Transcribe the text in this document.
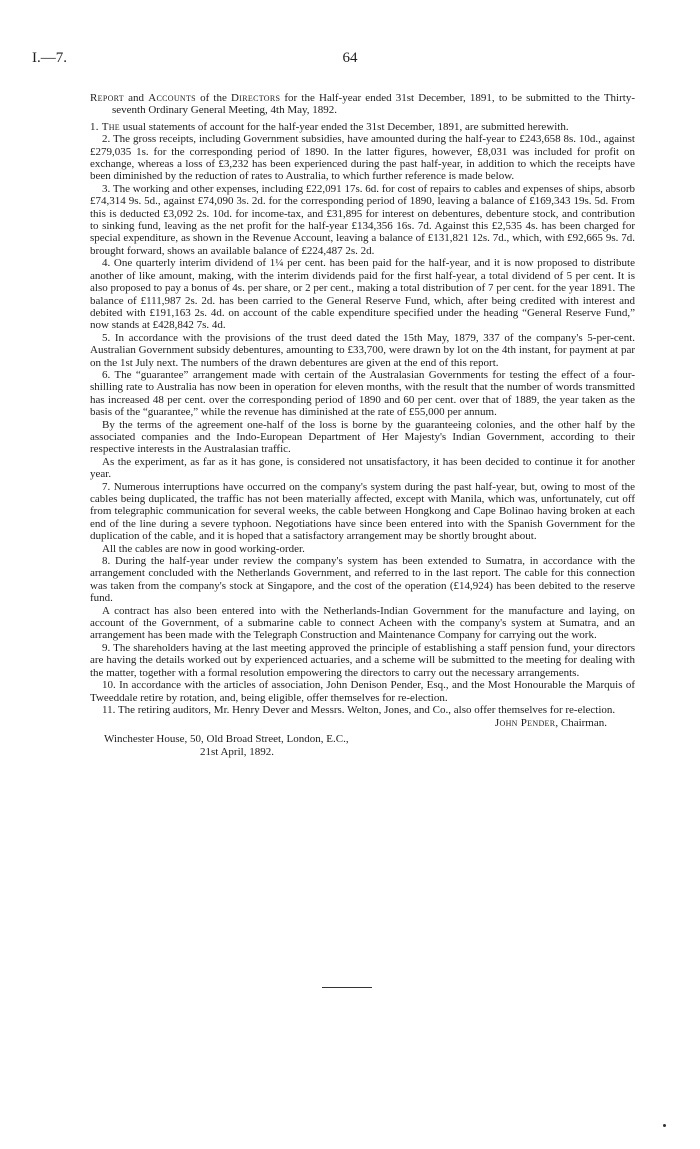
I.—7.	64
Report and Accounts of the Directors for the Half-year ended 31st December, 1891, to be submitted to the Thirty-seventh Ordinary General Meeting, 4th May, 1892.

1. The usual statements of account for the half-year ended the 31st December, 1891, are submitted herewith.

2. The gross receipts, including Government subsidies, have amounted during the half-year to £243,658 8s. 10d., against £279,035 1s. for the corresponding period of 1890. In the latter figures, however, £8,031 was included for profit on exchange, whereas a loss of £3,232 has been experienced during the past half-year, in addition to which the receipts have been diminished by the reduction of rates to Australia, to which further reference is made below.

3. The working and other expenses, including £22,091 17s. 6d. for cost of repairs to cables and expenses of ships, absorb £74,314 9s. 5d., against £74,090 3s. 2d. for the corresponding period of 1890, leaving a balance of £169,343 19s. 5d. From this is deducted £3,092 2s. 10d. for income-tax, and £31,895 for interest on debentures, debenture stock, and contribution to sinking fund, leaving as the net profit for the half-year £134,356 16s. 7d. Against this £2,535 4s. has been charged for special expenditure, as shown in the Revenue Account, leaving a balance of £131,821 12s. 7d., which, with £92,665 9s. 7d. brought forward, shows an available balance of £224,487 2s. 2d.

4. One quarterly interim dividend of 1¼ per cent. has been paid for the half-year, and it is now proposed to distribute another of like amount, making, with the interim dividends paid for the first half-year, a total dividend of 5 per cent. It is also proposed to pay a bonus of 4s. per share, or 2 per cent., making a total distribution of 7 per cent. for the year 1891. The balance of £111,987 2s. 2d. has been carried to the General Reserve Fund, which, after being credited with interest and debited with £191,163 2s. 4d. on account of the cable expenditure specified under the heading “General Reserve Fund,” now stands at £428,842 7s. 4d.

5. In accordance with the provisions of the trust deed dated the 15th May, 1879, 337 of the company's 5-per-cent. Australian Government subsidy debentures, amounting to £33,700, were drawn by lot on the 4th instant, for payment at par on the 1st July next. The numbers of the drawn debentures are given at the end of this report.

6. The “guarantee” arrangement made with certain of the Australasian Governments for testing the effect of a four-shilling rate to Australia has now been in operation for eleven months, with the result that the number of words transmitted has increased 48 per cent. over the corresponding period of 1890 and 60 per cent. over that of 1889, the year taken as the basis of the “guarantee,” while the revenue has diminished at the rate of £55,000 per annum.

By the terms of the agreement one-half of the loss is borne by the guaranteeing colonies, and the other half by the associated companies and the Indo-European Department of Her Majesty's Indian Government, according to their respective interests in the Australasian traffic.

As the experiment, as far as it has gone, is considered not unsatisfactory, it has been decided to continue it for another year.

7. Numerous interruptions have occurred on the company's system during the past half-year, but, owing to most of the cables being duplicated, the traffic has not been materially affected, except with Manila, which was, unfortunately, cut off from telegraphic communication for several weeks, the cable between Hongkong and Cape Bolinao having broken at each end of the line during a severe typhoon. Negotiations have since been entered into with the Spanish Government for the duplication of the cable, and it is hoped that a satisfactory arrangement may be shortly brought about.

All the cables are now in good working-order.

8. During the half-year under review the company's system has been extended to Sumatra, in accordance with the arrangement concluded with the Netherlands Government, and referred to in the last report. The cable for this connection was taken from the company's stock at Singapore, and the cost of the operation (£14,924) has been debited to the reserve fund.

A contract has also been entered into with the Netherlands-Indian Government for the manufacture and laying, on account of the Government, of a submarine cable to connect Acheen with the company's system at Sumatra, and an arrangement has been made with the Telegraph Construction and Maintenance Company for carrying out the work.

9. The shareholders having at the last meeting approved the principle of establishing a staff pension fund, your directors are having the details worked out by experienced actuaries, and a scheme will be submitted to the meeting for dealing with the matter, together with a formal resolution empowering the directors to carry out the necessary arrangements.

10. In accordance with the articles of association, John Denison Pender, Esq., and the Most Honourable the Marquis of Tweeddale retire by rotation, and, being eligible, offer themselves for re-election.

11. The retiring auditors, Mr. Henry Dever and Messrs. Welton, Jones, and Co., also offer themselves for re-election.

John Pender, Chairman.
Winchester House, 50, Old Broad Street, London, E.C.,
21st April, 1892.
